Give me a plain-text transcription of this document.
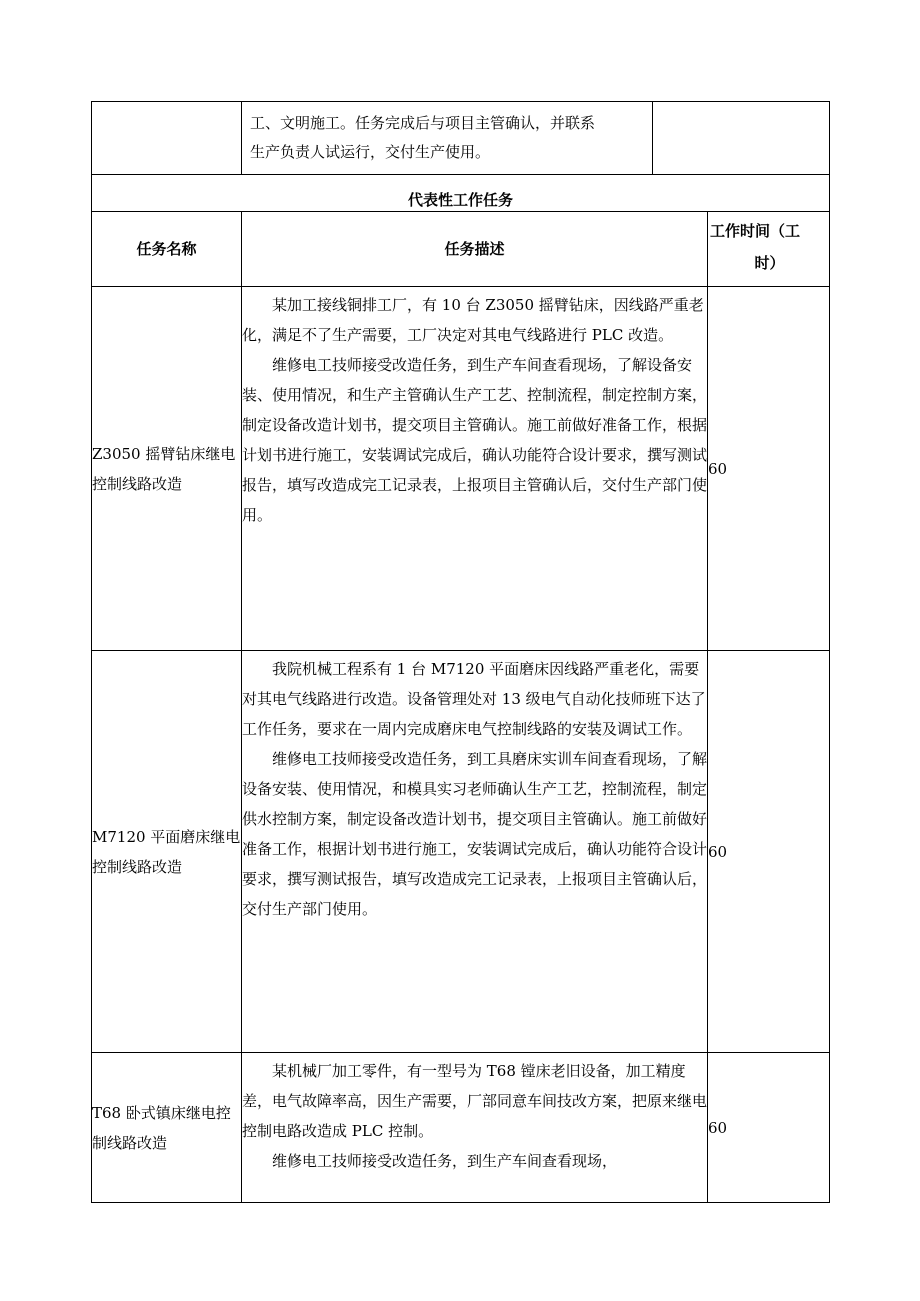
	工、文明施工。任务完成后与项目主管确认，并联系
生产负责人试运行，交付生产使用。		

代表性工作任务			
任务名称	任务描述		工作时间（工
时）

Z3050 摇臂钻床继电控制线路改造	某加工接线铜排工厂，有 10 台 Z3050 摇臂钻床，因线路严重老化，满足不了生产需要，工厂决定对其电气线路进行 PLC 改造。

维修电工技师接受改造任务，到生产车间查看现场，了解设备安装、使用情况，和生产主管确认生产工艺、控制流程，制定控制方案，制定设备改造计划书，提交项目主管确认。施工前做好准备工作，根据计划书进行施工，安装调试完成后，确认功能符合设计要求，撰写测试报告，填写改造成完工记录表，上报项目主管确认后，交付生产部门使用。		60
M7120 平面磨床继电控制线路改造	我院机械工程系有 1 台 M7120 平面磨床因线路严重老化，需要对其电气线路进行改造。设备管理处对 13 级电气自动化技师班下达了工作任务，要求在一周内完成磨床电气控制线路的安装及调试工作。

维修电工技师接受改造任务，到工具磨床实训车间查看现场，了解设备安装、使用情况，和模具实习老师确认生产工艺，控制流程，制定供水控制方案，制定设备改造计划书，提交项目主管确认。施工前做好准备工作，根据计划书进行施工，安装调试完成后，确认功能符合设计要求，撰写测试报告，填写改造成完工记录表，上报项目主管确认后，交付生产部门使用。		60
T68 卧式镇床继电控制线路改造	某机械厂加工零件，有一型号为 T68 镗床老旧设备，加工精度差，电气故障率高，因生产需要，厂部同意车间技改方案，把原来继电控制电路改造成 PLC 控制。

维修电工技师接受改造任务，到生产车间查看现场，		60
